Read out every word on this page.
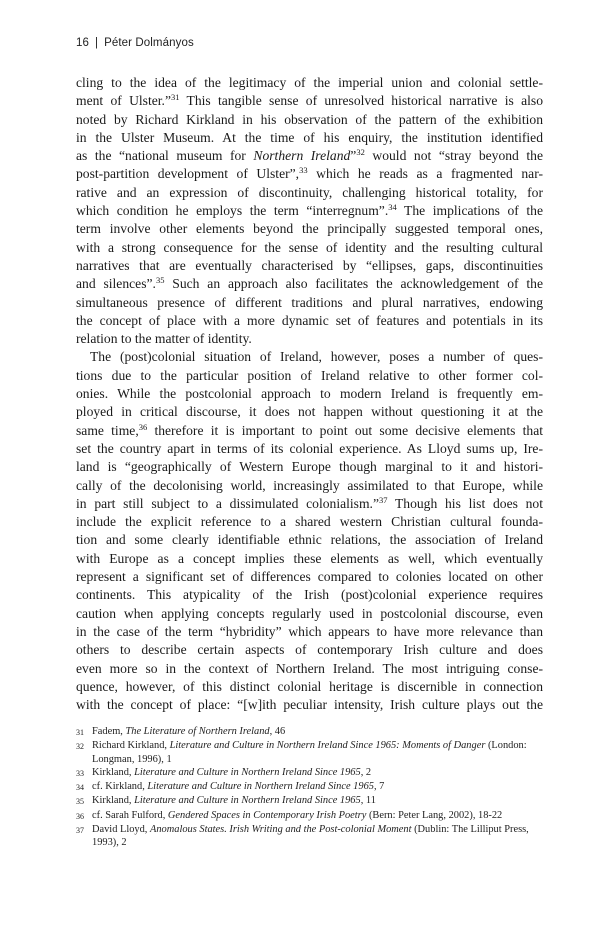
16 | Péter Dolmányos
cling to the idea of the legitimacy of the imperial union and colonial settle-
ment of Ulster.”$^{31}$ This tangible sense of unresolved historical narrative is also
noted by Richard Kirkland in his observation of the pattern of the exhibition
in the Ulster Museum. At the time of his enquiry, the institution identified
as the “national museum for Northern Ireland”$^{32}$ would not “stray beyond the
post-partition development of Ulster”,$^{33}$ which he reads as a fragmented nar-
rative and an expression of discontinuity, challenging historical totality, for
which condition he employs the term “interregnum”.$^{34}$ The implications of the
term involve other elements beyond the principally suggested temporal ones,
with a strong consequence for the sense of identity and the resulting cultural
narratives that are eventually characterised by “ellipses, gaps, discontinuities
and silences”.$^{35}$ Such an approach also facilitates the acknowledgement of the
simultaneous presence of different traditions and plural narratives, endowing
the concept of place with a more dynamic set of features and potentials in its
relation to the matter of identity.
The (post)colonial situation of Ireland, however, poses a number of ques-
tions due to the particular position of Ireland relative to other former col-
onies. While the postcolonial approach to modern Ireland is frequently em-
ployed in critical discourse, it does not happen without questioning it at the
same time,$^{36}$ therefore it is important to point out some decisive elements that
set the country apart in terms of its colonial experience. As Lloyd sums up, Ire-
land is “geographically of Western Europe though marginal to it and histori-
cally of the decolonising world, increasingly assimilated to that Europe, while
in part still subject to a dissimulated colonialism.”$^{37}$ Though his list does not
include the explicit reference to a shared western Christian cultural founda-
tion and some clearly identifiable ethnic relations, the association of Ireland
with Europe as a concept implies these elements as well, which eventually
represent a significant set of differences compared to colonies located on other
continents. This atypicality of the Irish (post)colonial experience requires
caution when applying concepts regularly used in postcolonial discourse, even
in the case of the term “hybridity” which appears to have more relevance than
others to describe certain aspects of contemporary Irish culture and does
even more so in the context of Northern Ireland. The most intriguing conse-
quence, however, of this distinct colonial heritage is discernible in connection
with the concept of place: “[w]ith peculiar intensity, Irish culture plays out the
31 Fadem, The Literature of Northern Ireland, 46
32 Richard Kirkland, Literature and Culture in Northern Ireland Since 1965: Moments of Danger (London: Longman, 1996), 1
33 Kirkland, Literature and Culture in Northern Ireland Since 1965, 2
34 cf. Kirkland, Literature and Culture in Northern Ireland Since 1965, 7
35 Kirkland, Literature and Culture in Northern Ireland Since 1965, 11
36 cf. Sarah Fulford, Gendered Spaces in Contemporary Irish Poetry (Bern: Peter Lang, 2002), 18-22
37 David Lloyd, Anomalous States. Irish Writing and the Post-colonial Moment (Dublin: The Lilliput Press, 1993), 2
